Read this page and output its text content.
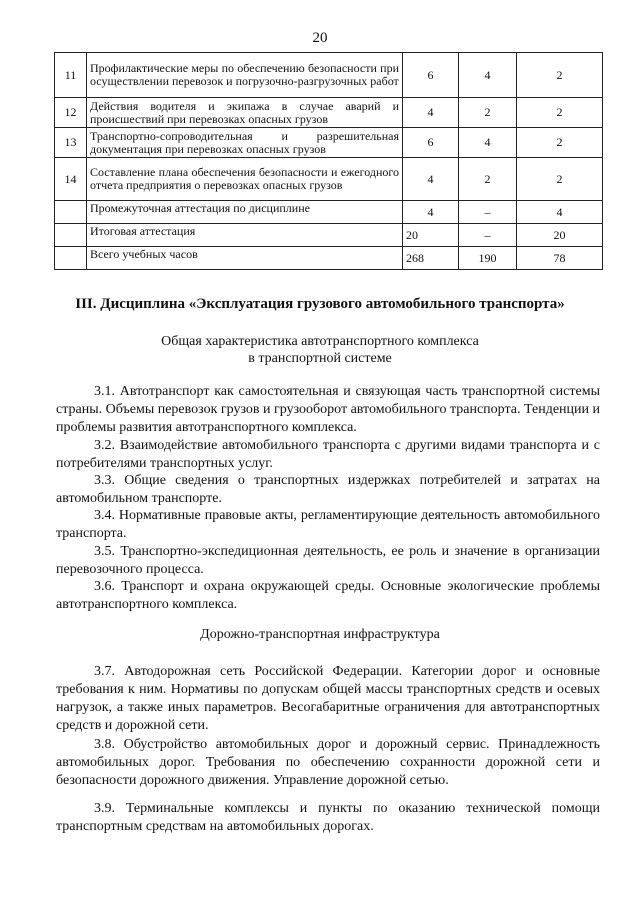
20
11	Профилактические меры по обеспечению безопасности при осуществлении перевозок и погрузочно-разгрузочных работ	6	4	2
12	Действия водителя и экипажа в случае аварий и происшествий при перевозках опасных грузов	4	2	2
13	Транспортно-сопроводительная и разрешительная документация при перевозках опасных грузов	6	4	2
14	Составление плана обеспечения безопасности и ежегодного отчета предприятия о перевозках опасных грузов	4	2	2
	Промежуточная аттестация по дисциплине	4	–	4
	Итоговая аттестация	20	–	20
	Всего учебных часов	268	190	78
III. Дисциплина «Эксплуатация грузового автомобильного транспорта»
Общая характеристика автотранспортного комплекса
в транспортной системе

3.1. Автотранспорт как самостоятельная и связующая часть транспортной системы страны. Объемы перевозок грузов и грузооборот автомобильного транспорта. Тенденции и проблемы развития автотранспортного комплекса.

3.2. Взаимодействие автомобильного транспорта с другими видами транспорта и с потребителями транспортных услуг.

3.3. Общие сведения о транспортных издержках потребителей и затратах на автомобильном транспорте.

3.4. Нормативные правовые акты, регламентирующие деятельность автомобильного транспорта.

3.5. Транспортно-экспедиционная деятельность, ее роль и значение в организации перевозочного процесса.

3.6. Транспорт и охрана окружающей среды. Основные экологические проблемы автотранспортного комплекса.

Дорожно-транспортная инфраструктура

3.7. Автодорожная сеть Российской Федерации. Категории дорог и основные требования к ним. Нормативы по допускам общей массы транспортных средств и осевых нагрузок, а также иных параметров. Весогабаритные ограничения для автотранспортных средств и дорожной сети.

3.8. Обустройство автомобильных дорог и дорожный сервис. Принадлежность автомобильных дорог. Требования по обеспечению сохранности дорожной сети и безопасности дорожного движения. Управление дорожной сетью.

3.9. Терминальные комплексы и пункты по оказанию технической помощи транспортным средствам на автомобильных дорогах.
